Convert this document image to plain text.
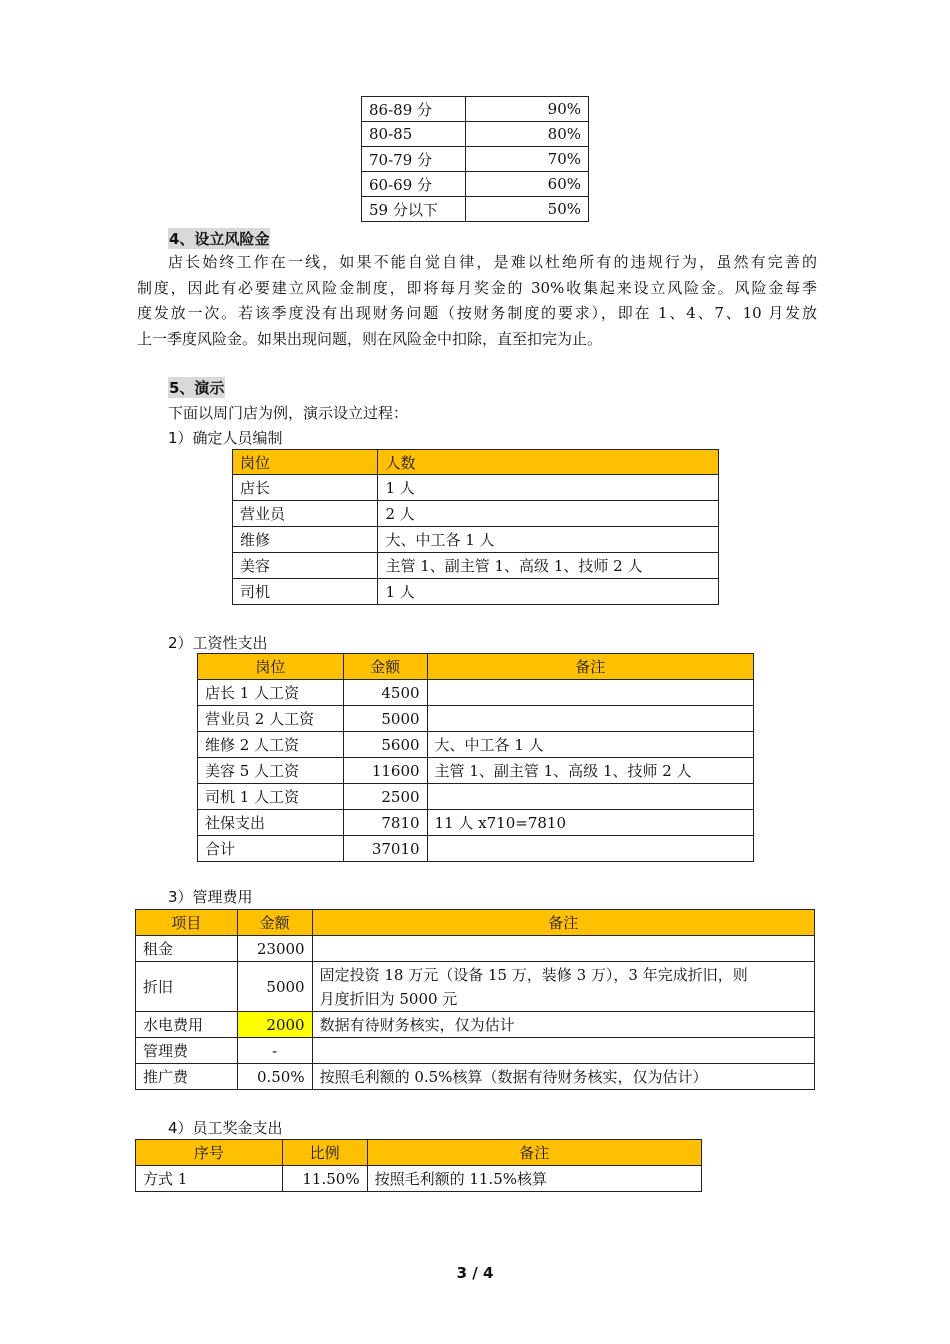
86-89 分	90%
80-85	80%
70-79 分	70%
60-69 分	60%
59 分以下	50%
4、设立风险金
店长始终工作在一线，如果不能自觉自律，是难以杜绝所有的违规行为，虽然有完善的
制度，因此有必要建立风险金制度，即将每月奖金的 30%收集起来设立风险金。风险金每季
度发放一次。若该季度没有出现财务问题（按财务制度的要求），即在 1、4、7、10 月发放
上一季度风险金。如果出现问题，则在风险金中扣除，直至扣完为止。
5、演示
下面以周门店为例，演示设立过程：
1）确定人员编制
岗位	人数
店长	1 人
营业员	2 人
维修	大、中工各 1 人
美容	主管 1、副主管 1、高级 1、技师 2 人
司机	1 人
2）工资性支出
岗位	金额	备注
店长 1 人工资	4500	
营业员 2 人工资	5000	
维修 2 人工资	5600	大、中工各 1 人
美容 5 人工资	11600	主管 1、副主管 1、高级 1、技师 2 人
司机 1 人工资	2500	
社保支出	7810	11 人 x710=7810
合计	37010	
3）管理费用
项目	金额	备注
租金	23000	
折旧	5000	固定投资 18 万元（设备 15 万，装修 3 万），3 年完成折旧，则
月度折旧为 5000 元

水电费用	2000	数据有待财务核实，仅为估计
管理费	-	
推广费	0.50%	按照毛利额的 0.5%核算（数据有待财务核实，仅为估计）
4）员工奖金支出
序号	比例	备注
方式 1	11.50%	按照毛利额的 11.5%核算
3 / 4
